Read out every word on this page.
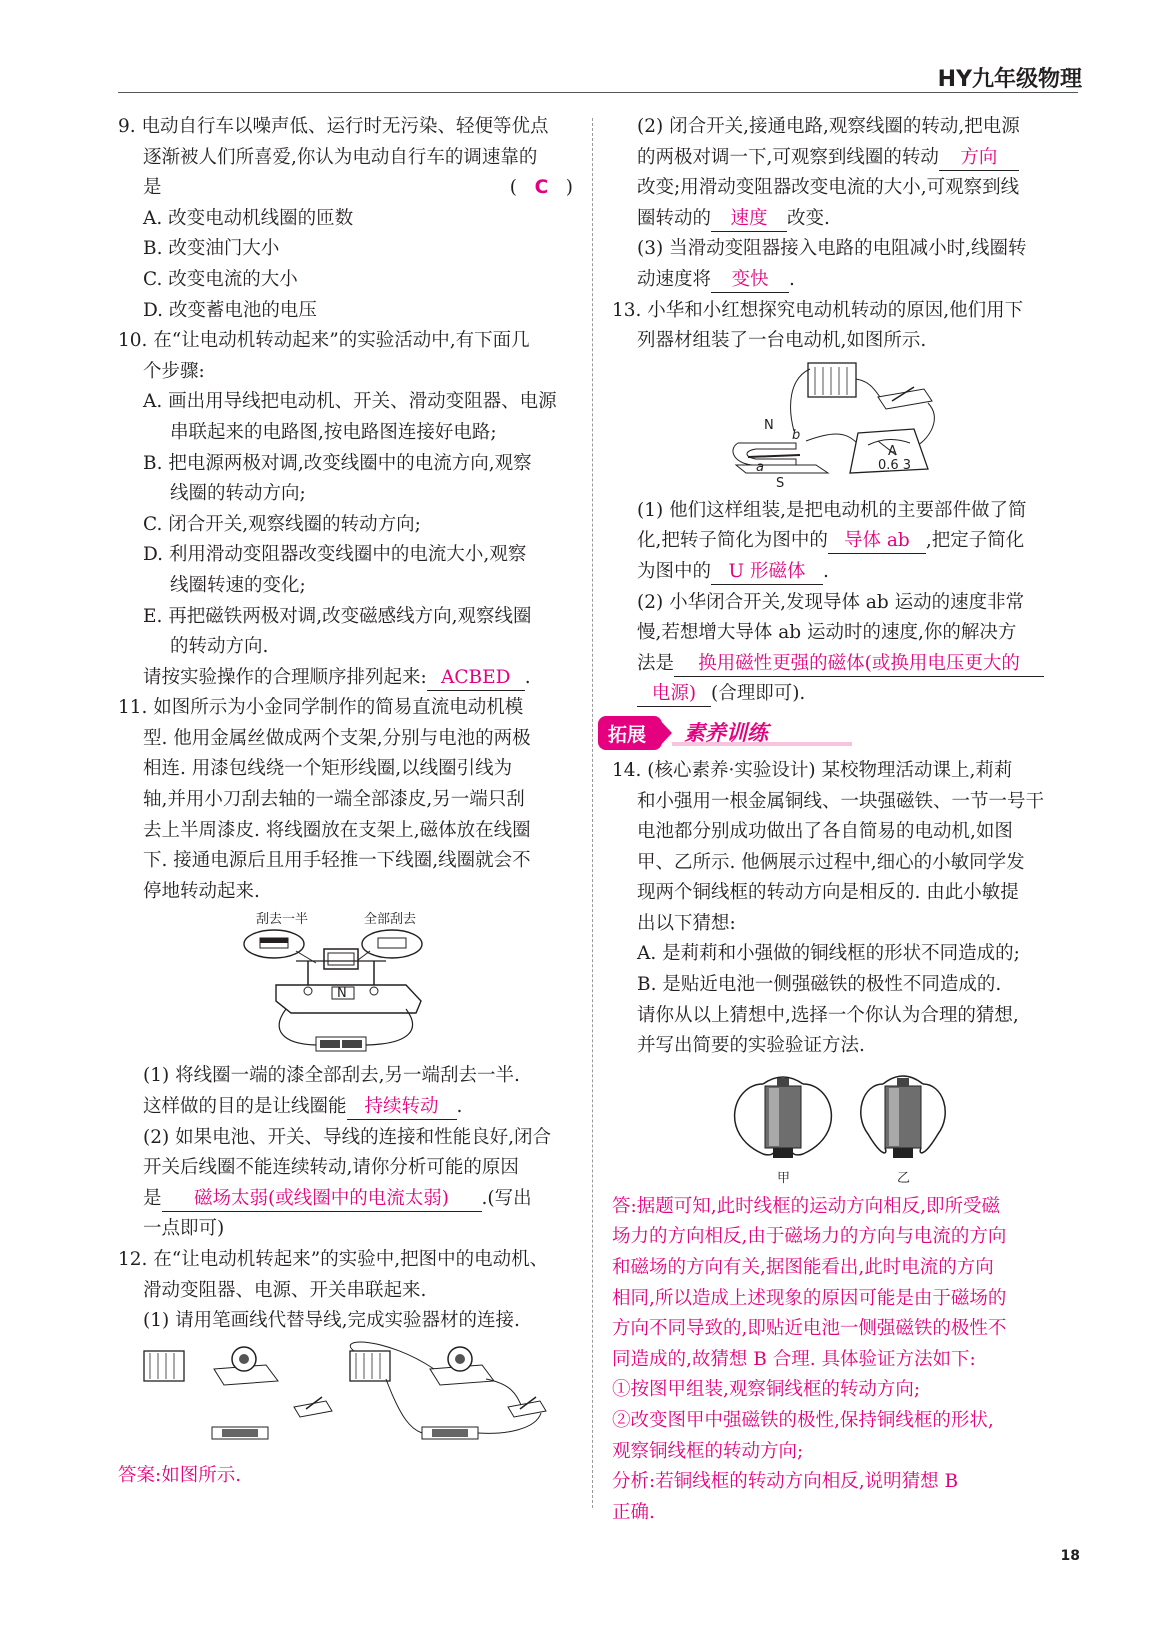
HY九年级物理
9. 电动自行车以噪声低、运行时无污染、轻便等优点
逐渐被人们所喜爱,你认为电动自行车的调速靠的
是	(   C   )
A. 改变电动机线圈的匝数
B. 改变油门大小
C. 改变电流的大小
D. 改变蓄电池的电压
10. 在“让电动机转动起来”的实验活动中,有下面几
个步骤:
A. 画出用导线把电动机、开关、滑动变阻器、电源
串联起来的电路图,按电路图连接好电路;
B. 把电源两极对调,改变线圈中的电流方向,观察
线圈的转动方向;
C. 闭合开关,观察线圈的转动方向;
D. 利用滑动变阻器改变线圈中的电流大小,观察
线圈转速的变化;
E. 再把磁铁两极对调,改变磁感线方向,观察线圈
的转动方向.
请按实验操作的合理顺序排列起来: ACBED .
11. 如图所示为小金同学制作的简易直流电动机模
型. 他用金属丝做成两个支架,分别与电池的两极
相连. 用漆包线绕一个矩形线圈,以线圈引线为
轴,并用小刀刮去轴的一端全部漆皮,另一端只刮
去上半周漆皮. 将线圈放在支架上,磁体放在线圈
下. 接通电源后且用手轻推一下线圈,线圈就会不
停地转动起来.
刮去一半	全部刮去
N
(1) 将线圈一端的漆全部刮去,另一端刮去一半.
这样做的目的是让线圈能 持续转动 .
(2) 如果电池、开关、导线的连接和性能良好,闭合
开关后线圈不能连续转动,请你分析可能的原因
是 磁场太弱(或线圈中的电流太弱) .(写出
一点即可)
12. 在“让电动机转起来”的实验中,把图中的电动机、
滑动变阻器、电源、开关串联起来.
(1) 请用笔画线代替导线,完成实验器材的连接.
答案:如图所示.
(2) 闭合开关,接通电路,观察线圈的转动,把电源
的两极对调一下,可观察到线圈的转动 方向
改变;用滑动变阻器改变电流的大小,可观察到线
圈转动的 速度 改变.
(3) 当滑动变阻器接入电路的电阻减小时,线圈转
动速度将 变快 .
13. 小华和小红想探究电动机转动的原因,他们用下
列器材组装了一台电动机,如图所示.
N
S
a
b
A
0.6 3
(1) 他们这样组装,是把电动机的主要部件做了简
化,把转子简化为图中的 导体 ab ,把定子简化
为图中的 U 形磁体 .
(2) 小华闭合开关,发现导体 ab 运动的速度非常
慢,若想增大导体 ab 运动时的速度,你的解决方
法是 换用磁性更强的磁体(或换用电压更大的
电源) (合理即可).
拓展 素养训练
14. (核心素养·实验设计) 某校物理活动课上,莉莉
和小强用一根金属铜线、一块强磁铁、一节一号干
电池都分别成功做出了各自简易的电动机,如图
甲、乙所示. 他俩展示过程中,细心的小敏同学发
现两个铜线框的转动方向是相反的. 由此小敏提
出以下猜想:
A. 是莉莉和小强做的铜线框的形状不同造成的;
B. 是贴近电池一侧强磁铁的极性不同造成的.
请你从以上猜想中,选择一个你认为合理的猜想,
并写出简要的实验验证方法.
甲	乙
答:据题可知,此时线框的运动方向相反,即所受磁
场力的方向相反,由于磁场力的方向与电流的方向
和磁场的方向有关,据图能看出,此时电流的方向
相同,所以造成上述现象的原因可能是由于磁场的
方向不同导致的,即贴近电池一侧强磁铁的极性不
同造成的,故猜想 B 合理. 具体验证方法如下:
①按图甲组装,观察铜线框的转动方向;
②改变图甲中强磁铁的极性,保持铜线框的形状,
观察铜线框的转动方向;
分析:若铜线框的转动方向相反,说明猜想 B
正确.
18
